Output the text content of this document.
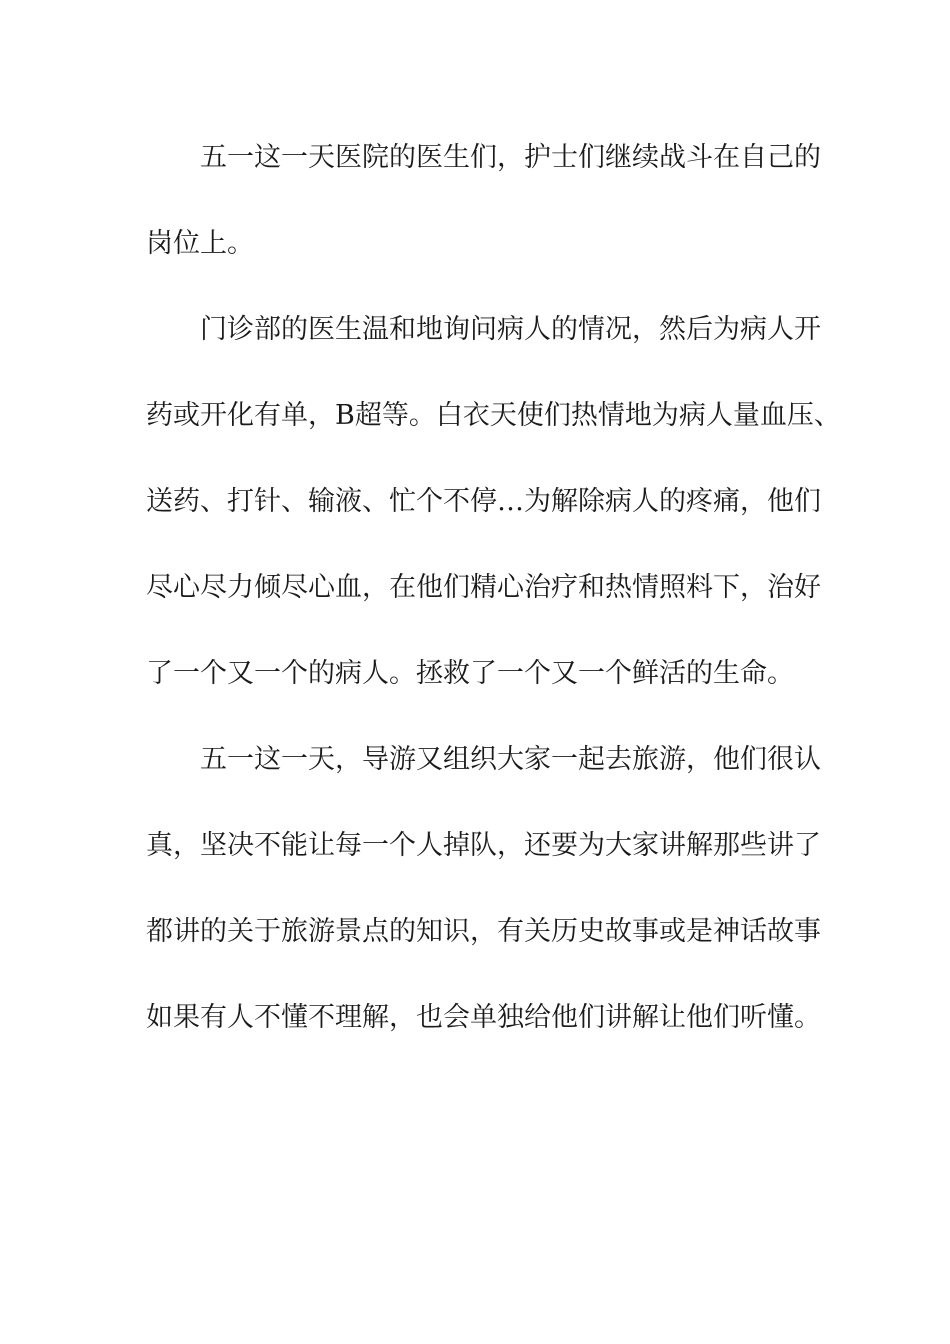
五一这一天医院的医生们，护士们继续战斗在自己的
岗位上。
门诊部的医生温和地询问病人的情况，然后为病人开
药或开化有单，B超等。白衣天使们热情地为病人量血压、
送药、打针、输液、忙个不停…为解除病人的疼痛，他们
尽心尽力倾尽心血，在他们精心治疗和热情照料下，治好
了一个又一个的病人。拯救了一个又一个鲜活的生命。
五一这一天，导游又组织大家一起去旅游，他们很认
真，坚决不能让每一个人掉队，还要为大家讲解那些讲了
都讲的关于旅游景点的知识，有关历史故事或是神话故事
如果有人不懂不理解，也会单独给他们讲解让他们听懂。
